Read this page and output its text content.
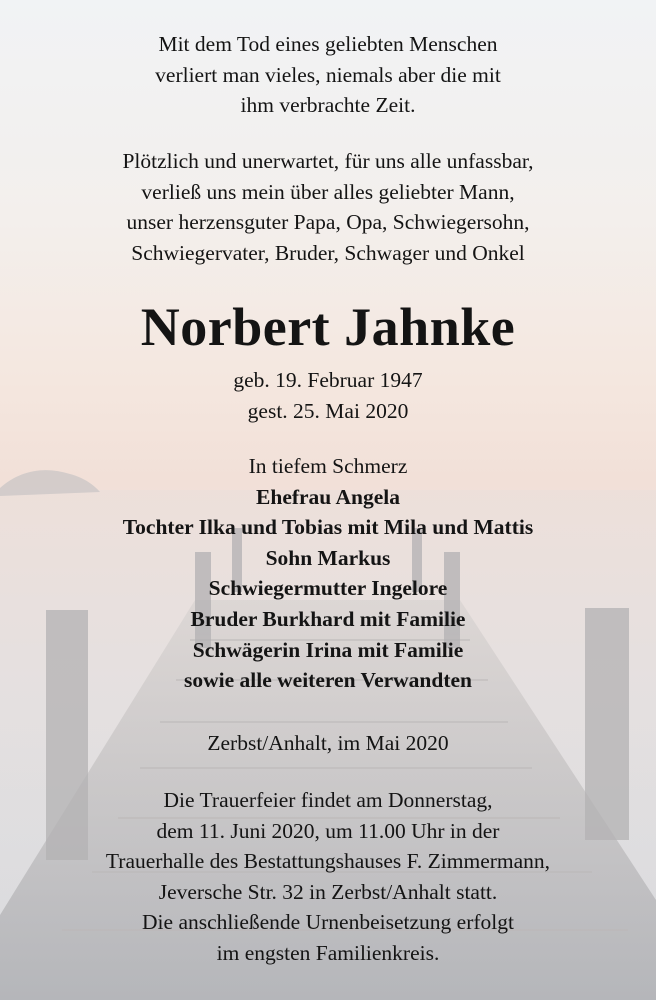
Mit dem Tod eines geliebten Menschen
verliert man vieles, niemals aber die mit
ihm verbrachte Zeit.

Plötzlich und unerwartet, für uns alle unfassbar,
verließ uns mein über alles geliebter Mann,
unser herzensguter Papa, Opa, Schwiegersohn,
Schwiegervater, Bruder, Schwager und Onkel

Norbert Jahnke

geb. 19. Februar 1947
gest. 25. Mai 2020

In tiefem Schmerz
Ehefrau Angela
Tochter Ilka und Tobias mit Mila und Mattis
Sohn Markus
Schwiegermutter Ingelore
Bruder Burkhard mit Familie
Schwägerin Irina mit Familie
sowie alle weiteren Verwandten

Zerbst/Anhalt, im Mai 2020

Die Trauerfeier findet am Donnerstag,
dem 11. Juni 2020, um 11.00 Uhr in der
Trauerhalle des Bestattungshauses F. Zimmermann,
Jeversche Str. 32 in Zerbst/Anhalt statt.
Die anschließende Urnenbeisetzung erfolgt
im engsten Familienkreis.
